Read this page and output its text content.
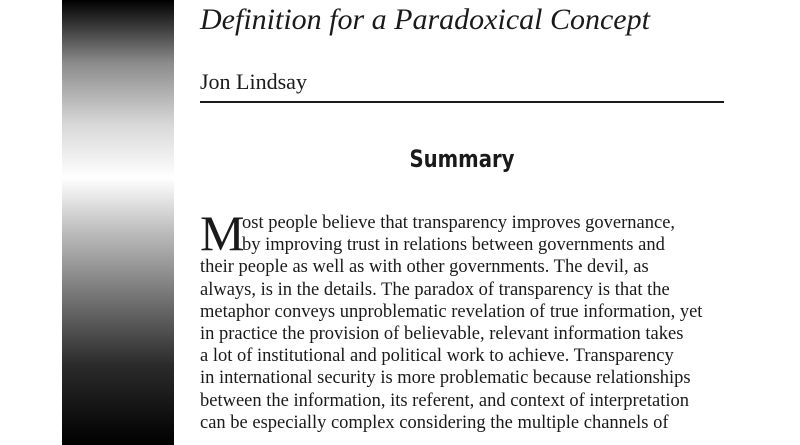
Definition for a Paradoxical Concept

Jon Lindsay

Summary
M
ost people believe that transparency improves governance,
by improving trust in relations between governments and
their people as well as with other governments. The devil, as
always, is in the details. The paradox of transparency is that the
metaphor conveys unproblematic revelation of true information, yet
in practice the provision of believable, relevant information takes
a lot of institutional and political work to achieve. Transparency
in international security is more problematic because relationships
between the information, its referent, and context of interpretation
can be especially complex considering the multiple channels of
